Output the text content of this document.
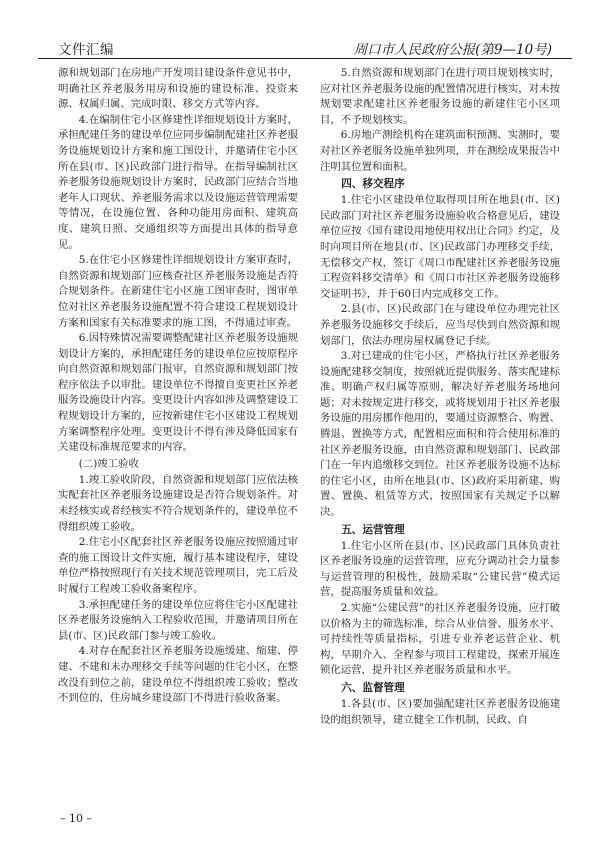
文件汇编	周口市人民政府公报(第9—10号)

源和规划部门在房地产开发项目建设条件意见书中，明确社区养老服务用房和设施的建设标准、投资来源、权属归属、完成时限、移交方式等内容。

4.在编制住宅小区修建性详细规划设计方案时，承担配建任务的建设单位应同步编制配建社区养老服务设施规划设计方案和施工图设计，并邀请住宅小区所在县(市、区)民政部门进行指导。在指导编制社区养老服务设施规划设计方案时，民政部门应结合当地老年人口现状、养老服务需求以及设施运营管理需要等情况，在设施位置、各种功能用房面积、建筑高度、建筑日照、交通组织等方面提出具体的指导意见。

5.在住宅小区修建性详细规划设计方案审查时，自然资源和规划部门应核查社区养老服务设施是否符合规划条件。在新建住宅小区施工图审查时，图审单位对社区养老服务设施配置不符合建设工程规划设计方案和国家有关标准要求的施工图，不得通过审查。

6.因特殊情况需要调整配建社区养老服务设施规划设计方案的，承担配建任务的建设单位应按原程序向自然资源和规划部门报审，自然资源和规划部门按程序依法予以审批。建设单位不得擅自变更社区养老服务设施设计内容。变更设计内容如涉及调整建设工程规划设计方案的，应按新建住宅小区建设工程规划方案调整程序处理。变更设计不得有涉及降低国家有关建设标准规范要求的内容。

(二)竣工验收

1.竣工验收阶段，自然资源和规划部门应依法核实配套社区养老服务设施建设是否符合规划条件。对未经核实或者经核实不符合规划条件的，建设单位不得组织竣工验收。

2.住宅小区配套社区养老服务设施应按照通过审查的施工图设计文件实施，履行基本建设程序，建设单位严格按照现行有关技术规范管理项目，完工后及时履行工程竣工验收备案程序。

3.承担配建任务的建设单位应将住宅小区配建社区养老服务设施纳入工程验收范围，并邀请项目所在县(市、区)民政部门参与竣工验收。

4.对存在配套社区养老服务设施缓建、缩建、停建、不建和未办理移交手续等问题的住宅小区，在整改没有到位之前，建设单位不得组织竣工验收；整改不到位的，住房城乡建设部门不得进行验收备案。

5.自然资源和规划部门在进行项目规划核实时，应对社区养老服务设施的配置情况进行核实，对未按规划要求配建社区养老服务设施的新建住宅小区项目，不予规划核实。

6.房地产测绘机构在建筑面积预测、实测时，要对社区养老服务设施单独列项，并在测绘成果报告中注明其位置和面积。

四、移交程序

1.住宅小区建设单位取得项目所在地县(市、区)民政部门对社区养老服务设施验收合格意见后，建设单位应按《国有建设用地使用权出让合同》约定，及时向项目所在地县(市、区)民政部门办理移交手续，无偿移交产权，签订《周口市配建社区养老服务设施工程资料移交清单》和《周口市社区养老服务设施移交证明书》，并于60日内完成移交工作。

2.县(市、区)民政部门在与建设单位办理完社区养老服务设施移交手续后，应当尽快到自然资源和规划部门，依法办理房屋权属登记手续。

3.对已建成的住宅小区，严格执行社区养老服务设施配建移交制度，按照就近提供服务、落实配建标准、明确产权归属等原则，解决好养老服务场地问题；对未按规定进行移交，或将规划用于社区养老服务设施的用房挪作他用的，要通过资源整合、购置、腾退、置换等方式，配置相应面积和符合使用标准的社区养老服务设施，由自然资源和规划部门、民政部门在一年内追缴移交到位。社区养老服务设施不达标的住宅小区，由所在地县(市、区)政府采用新建、购置、置换、租赁等方式，按照国家有关规定予以解决。

五、运营管理

1.住宅小区所在县(市、区)民政部门具体负责社区养老服务设施的运营管理，应充分调动社会力量参与运营管理的积极性，鼓励采取“公建民营”模式运营，提高服务质量和效益。

2.实施“公建民营”的社区养老服务设施，应打破以价格为主的筛选标准，综合从业信誉、服务水平、可持续性等质量指标，引进专业养老运营企业、机构，早期介入、全程参与项目工程建设，探索开展连锁化运营，提升社区养老服务质量和水平。

六、监督管理

1.各县(市、区)要加强配建社区养老服务设施建设的组织领导，建立健全工作机制，民政、自

– 10 –
